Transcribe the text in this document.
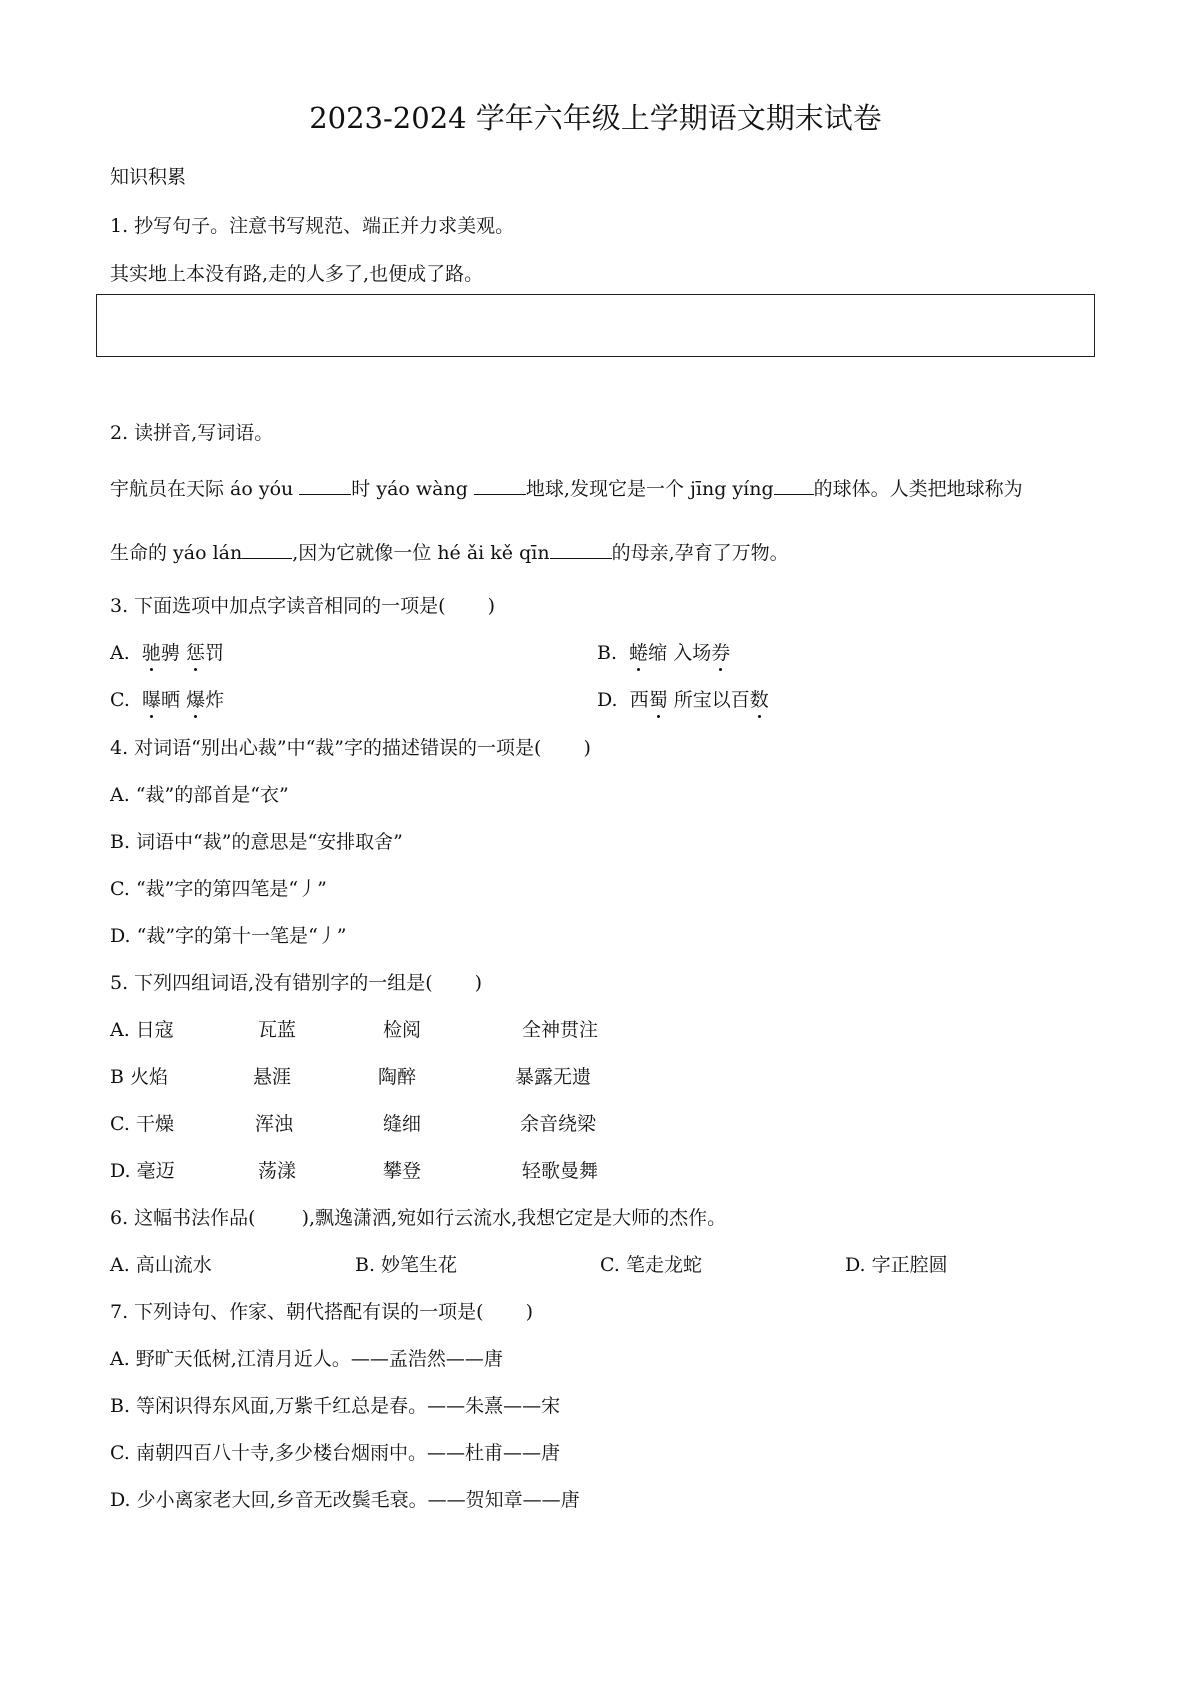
2023-2024 学年六年级上学期语文期末试卷
知识积累
1. 抄写句子。注意书写规范、端正并力求美观。
其实地上本没有路,走的人多了,也便成了路。
2. 读拼音,写词语。
宇航员在天际 áo yóu	时 yáo wàng	地球,发现它是一个 jīng yíng 的球体。人类把地球称为
生命的 yáo lán	,因为它就像一位 hé ǎi kě qīn	的母亲,孕育了万物。
3. 下面选项中加点字读音相同的一项是( )
A. 驰骋 惩罚	B. 蜷缩 入场券
C. 曝晒 爆炸	D. 西蜀 所宝以百数
4. 对词语“别出心裁”中“裁”字的描述错误的一项是( )
A. “裁”的部首是“衣”
B. 词语中“裁”的意思是“安排取舍”
C. “裁”字的第四笔是“丿”
D. “裁”字的第十一笔是“丿”
5. 下列四组词语,没有错别字的一组是( )
A. 日寇	瓦蓝	检阅	全神贯注
B 火焰	悬涯	陶醉	暴露无遗
C. 干燥	浑浊	缝细	余音绕梁
D. 毫迈	荡漾	攀登	轻歌曼舞
6. 这幅书法作品( ),飘逸潇洒,宛如行云流水,我想它定是大师的杰作。
A. 高山流水	B. 妙笔生花	C. 笔走龙蛇	D. 字正腔圆
7. 下列诗句、作家、朝代搭配有误的一项是( )
A. 野旷天低树,江清月近人。——孟浩然——唐
B. 等闲识得东风面,万紫千红总是春。——朱熹——宋
C. 南朝四百八十寺,多少楼台烟雨中。——杜甫——唐
D. 少小离家老大回,乡音无改鬓毛衰。——贺知章——唐
